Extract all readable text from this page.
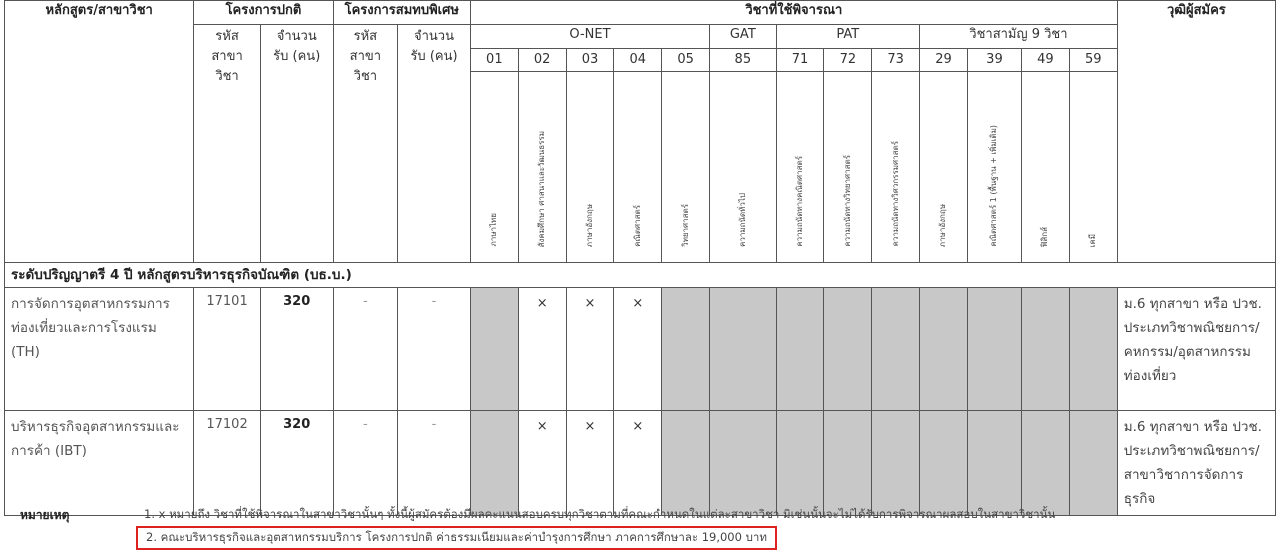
หลักสูตร/สาขาวิชา	โครงการปกติ		โครงการสมทบพิเศษ		วิชาที่ใช้พิจารณา													วุฒิผู้สมัคร
	รหัส สาขา วิชา	จำนวน รับ (คน)	รหัส สาขา วิชา	จำนวน รับ (คน)	O-NET					GAT	PAT			วิชาสามัญ 9 วิชา				
					01	02	03	04	05	85	71	72	73	29	39	49	59	
					ภาษาไทย	สังคมศึกษา ศาสนาและวัฒนธรรม	ภาษาอังกฤษ	คณิตศาสตร์	วิทยาศาสตร์	ความถนัดทั่วไป	ความถนัดทางคณิตศาสตร์	ความถนัดทางวิทยาศาสตร์	ความถนัดทางวิศวกรรมศาสตร์	ภาษาอังกฤษ	คณิตศาสตร์ 1 (พื้นฐาน + เพิ่มเติม)	ฟิสิกส์	เคมี	
ระดับปริญญาตรี 4 ปี หลักสูตรบริหารธุรกิจบัณฑิต (บธ.บ.)																		
การจัดการอุตสาหกรรมการท่องเที่ยวและการโรงแรม (TH)	17101	320	-	-		×	×	×										ม.6 ทุกสาขา หรือ ปวช. ประเภทวิชาพณิชยการ/คหกรรม/อุตสาหกรรมท่องเที่ยว
บริหารธุรกิจอุตสาหกรรมและการค้า (IBT)	17102	320	-	-		×	×	×										ม.6 ทุกสาขา หรือ ปวช. ประเภทวิชาพณิชยการ/สาขาวิชาการจัดการธุรกิจ
หมายเหตุ	1. x หมายถึง วิชาที่ใช้พิจารณาในสาขาวิชานั้นๆ ทั้งนี้ผู้สมัครต้องมีผลคะแนนสอบครบทุกวิชาตามที่คณะกำหนดในแต่ละสาขาวิชา มิเช่นนั้นจะไม่ได้รับการพิจารณาผลสอบในสาขาวิชานั้น
2. คณะบริหารธุรกิจและอุตสาหกรรมบริการ โครงการปกติ ค่าธรรมเนียมและค่าบำรุงการศึกษา ภาคการศึกษาละ 19,000 บาท
